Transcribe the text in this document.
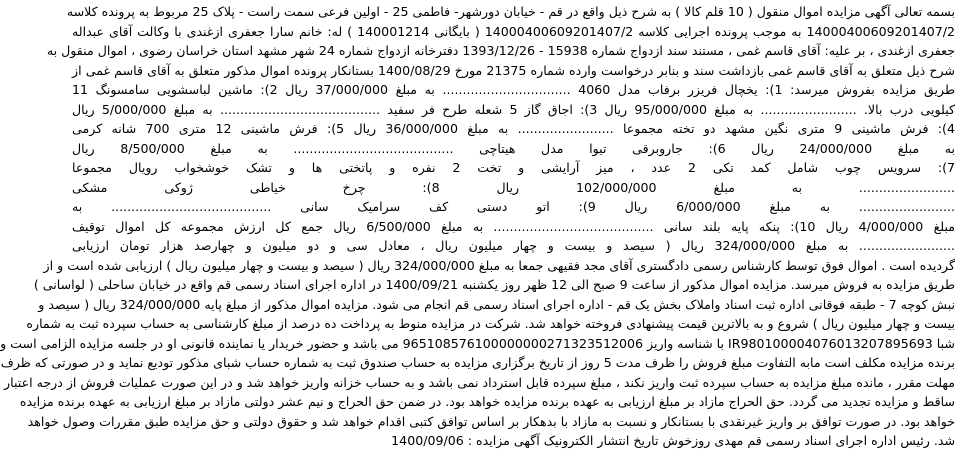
بسمه تعالی آگهی مزایده اموال منقول ( 10 قلم کالا ) به شرح ذیل واقع در قم - خیابان دورشهر- فاطمی 25 - اولین فرعی سمت راست - پلاک 25 مربوط به پرونده کلاسه
14000400609201407/2 به موجب پرونده اجرایی کلاسه 14000400609201407/2 ( بایگانی 140001214 ) له: خانم سارا جعفری ازغندی با وکالت آقای عبداله
جعفری ازغندی ، بر علیه: آقای قاسم غمی ، مستند سند ازدواج شماره 15938 - 1393/12/26 دفترخانه ازدواج شماره 24 شهر مشهد استان خراسان رضوی ، اموال منقول به
شرح ذیل متعلق به آقای قاسم غمی بازداشت سند و بنابر درخواست وارده شماره 21375 مورخ 1400/08/29 بستانکار پرونده اموال مذکور متعلق به آقای قاسم غمی از
طریق مزایده بفروش میرسد: 1): یخچال فریزر برفاب مدل 4060 ................................ به مبلغ 37/000/000 ریال 2): ماشین لباسشویی سامسونگ 11
کیلویی درب بالا. ........................ به مبلغ 95/000/000 ریال 3): اجاق گاز 5 شعله طرح فر سفید ........................................ به مبلغ 5/000/000 ریال
4): فرش ماشینی 9 متری نگین مشهد دو تخته مجموعا ........................ به مبلغ 36/000/000 ریال 5): فرش ماشینی 12 متری 700 شانه کرمی
به مبلغ 24/000/000 ریال 6): جاروبرقی تیوا مدل هیتاچی ........................................ به مبلغ 8/500/000 ریال
7): سرویس چوب شامل کمد تکی 2 عدد ، میز آرایشی و تخت 2 نفره و پاتختی ها و تشک خوشخواب رویال مجموعا
........................ به مبلغ 102/000/000 ریال 8): چرخ خیاطی ژوکی مشکی
........................ به مبلغ 6/000/000 ریال 9): اتو دستی کف سرامیک سانی ........................................ به
مبلغ 4/000/000 ریال 10): پنکه پایه بلند سانی ........................................ به مبلغ 6/500/000 ریال جمع کل ارزش مجموعه کل اموال توقیف
........................ به مبلغ 324/000/000 ریال ( سیصد و بیست و چهار میلیون ریال ، معادل سی و دو میلیون و چهارصد هزار تومان ارزیابی
گردیده است . اموال فوق توسط کارشناس رسمی دادگستری آقای مجد فقیهی جمعا به مبلغ 324/000/000 ریال ( سیصد و بیست و چهار میلیون ریال ) ارزیابی شده است و از
طریق مزایده به فروش میرسد. مزایده اموال مذکور از ساعت 9 صبح الی 12 ظهر روز یکشنبه 1400/09/21 در اداره اجرای اسناد رسمی قم واقع در خیابان ساحلی ( لواسانی )
نبش کوچه 7 - طبقه فوقانی اداره ثبت اسناد واملاک بخش یک قم - اداره اجرای اسناد رسمی قم انجام می شود. مزایده اموال مذکور از مبلغ پایه 324/000/000 ریال ( سیصد و
بیست و چهار میلیون ریال ) شروع و به بالاترین قیمت پیشنهادی فروخته خواهد شد. شرکت در مزایده منوط به پرداخت ده درصد از مبلغ کارشناسی به حساب سپرده ثبت به شماره
شبا IR980100004076013207895693 با شناسه واریز 965108576100000000271323512006 می باشد و حضور خریدار یا نماینده قانونی او در جلسه مزایده الزامی است و
برنده مزایده مکلف است مابه التفاوت مبلغ فروش را ظرف مدت 5 روز از تاریخ برگزاری مزایده به حساب صندوق ثبت به شماره حساب شبای مذکور تودیع نماید و در صورتی که ظرف
مهلت مقرر ، مانده مبلغ مزایده به حساب سپرده ثبت واریز نکند ، مبلغ سپرده قابل استرداد نمی باشد و به حساب خزانه واریز خواهد شد و در این صورت عملیات فروش از درجه اعتبار
ساقط و مزایده تجدید می گردد. حق الحراج مازاد بر مبلغ ارزیابی به عهده برنده مزایده خواهد بود. در ضمن حق الحراج و نیم عشر دولتی مازاد بر مبلغ ارزیابی به عهده برنده مزایده
خواهد بود. در صورت توافق بر واریز غیرنقدی با بستانکار و نسبت به مازاد با بدهکار بر اساس توافق کتبی اقدام خواهد شد و حقوق دولتی و حق مزایده طبق مقررات وصول خواهد
شد. رئیس اداره اجرای اسناد رسمی قم مهدی روزخوش تاریخ انتشار الکترونیک آگهی مزایده : 1400/09/06
